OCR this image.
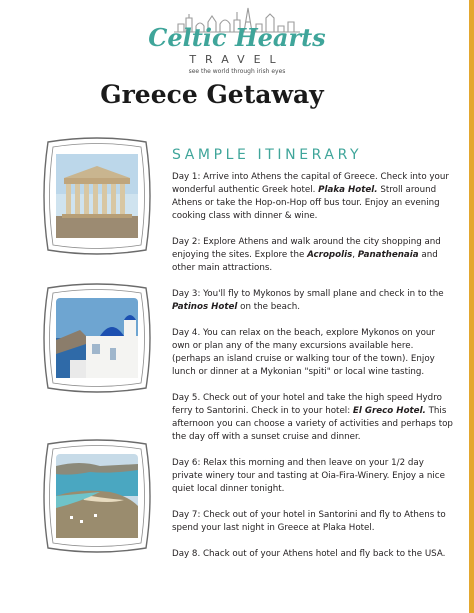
Celtic Hearts
TRAVEL
see the world through irish eyes
Greece Getaway
SAMPLE ITINERARY
Day 1: Arrive into Athens the capital of Greece. Check into your wonderful authentic Greek hotel. Plaka Hotel. Stroll around Athens or take the Hop-on-Hop off bus tour. Enjoy an evening cooking class with dinner & wine.
Day 2: Explore Athens and walk around the city shopping and enjoying the sites. Explore the Acropolis, Panathenaia and other main attractions.
Day 3: You'll fly to Mykonos by small plane and check in to the Patinos Hotel on the beach.
Day 4. You can relax on the beach, explore Mykonos on your own or plan any of the many excursions available here. (perhaps an island cruise or walking tour of the town). Enjoy lunch or dinner at a Mykonian "spiti" or local wine tasting.
Day 5. Check out of your hotel and take the high speed Hydro ferry to Santorini. Check in to your hotel: El Greco Hotel. This afternoon you can choose a variety of activities and perhaps top the day off with a sunset cruise and dinner.
Day 6: Relax this morning and then leave on your 1/2 day private winery tour and tasting at Oia-Fira-Winery. Enjoy a nice quiet local dinner tonight.
Day 7: Check out of your hotel in Santorini and fly to Athens to spend your last night in Greece at Plaka Hotel.
Day 8. Chack out of your Athens hotel and fly back to the USA.
